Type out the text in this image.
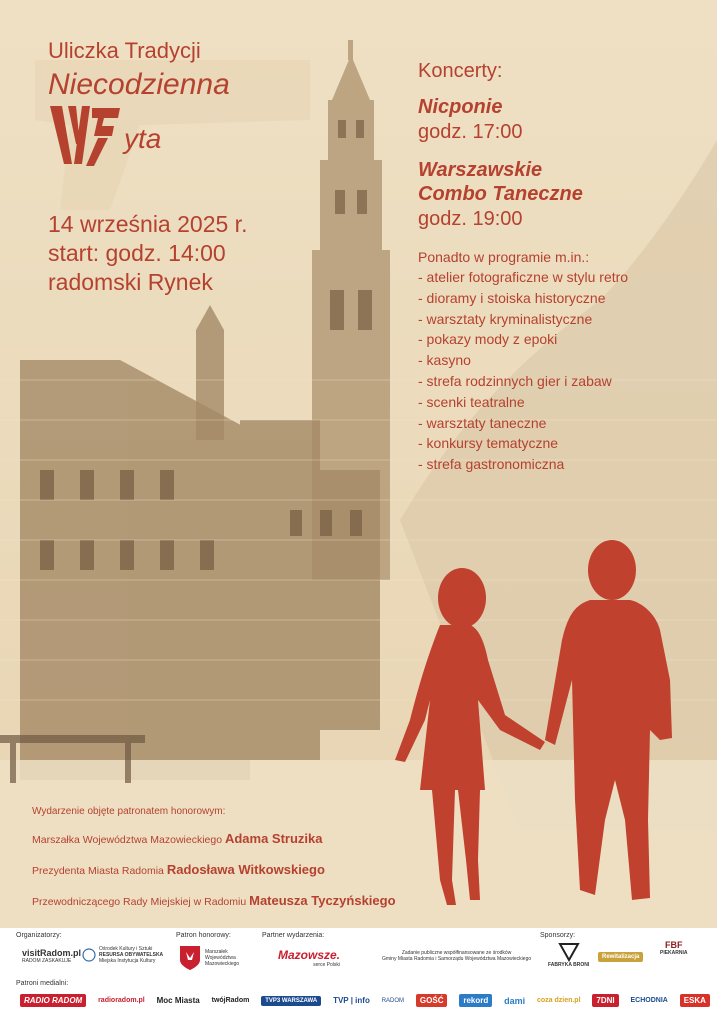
Uliczka Tradycji

Niecodzienna
yta
14 września 2025 r.
start: godz. 14:00
radomski Rynek

Koncerty:

Nicponie

godz. 17:00

Warszawskie

Combo Taneczne

godz. 19:00

Ponadto w programie m.in.:

- atelier fotograficzne w stylu retro
- dioramy i stoiska historyczne
- warsztaty kryminalistyczne
- pokazy mody z epoki
- kasyno
- strefa rodzinnych gier i zabaw
- scenki teatralne
- warsztaty taneczne
- konkursy tematyczne
- strefa gastronomiczna

Wydarzenie objęte patronatem honorowym:

Marszałka Województwa Mazowieckiego Adama Struzika

Prezydenta Miasta Radomia Radosława Witkowskiego

Przewodniczącego Rady Miejskiej w Radomiu Mateusza Tyczyńskiego

Organizatorzy:	Patron honorowy:	Partner wydarzenia:	Sponsorzy:
Patroni medialni:
visitRadom.pl
RADOM ZASKAKUJE
Ośrodek Kultury i Sztuki
RESURSA OBYWATELSKA
Miejska Instytucja Kultury
Marszałek
Województwa
Mazowieckiego
Mazowsze.
serce Polski
Zadanie publiczne współfinansowane ze środków
Gminy Miasta Radomia i Samorządu Województwa Mazowieckiego
FABRYKA BRONI
Rewitalizacja
FBF
PIEKARNIA
RADIO RADOM	radioradom.pl Moc Miasta twójRadom	TVP3 WARSZAWA	TVP | info RADOM	GOŚĆ	rekord	dami coza dzien.pl	7DNI	ECHODNIA	ESKA
